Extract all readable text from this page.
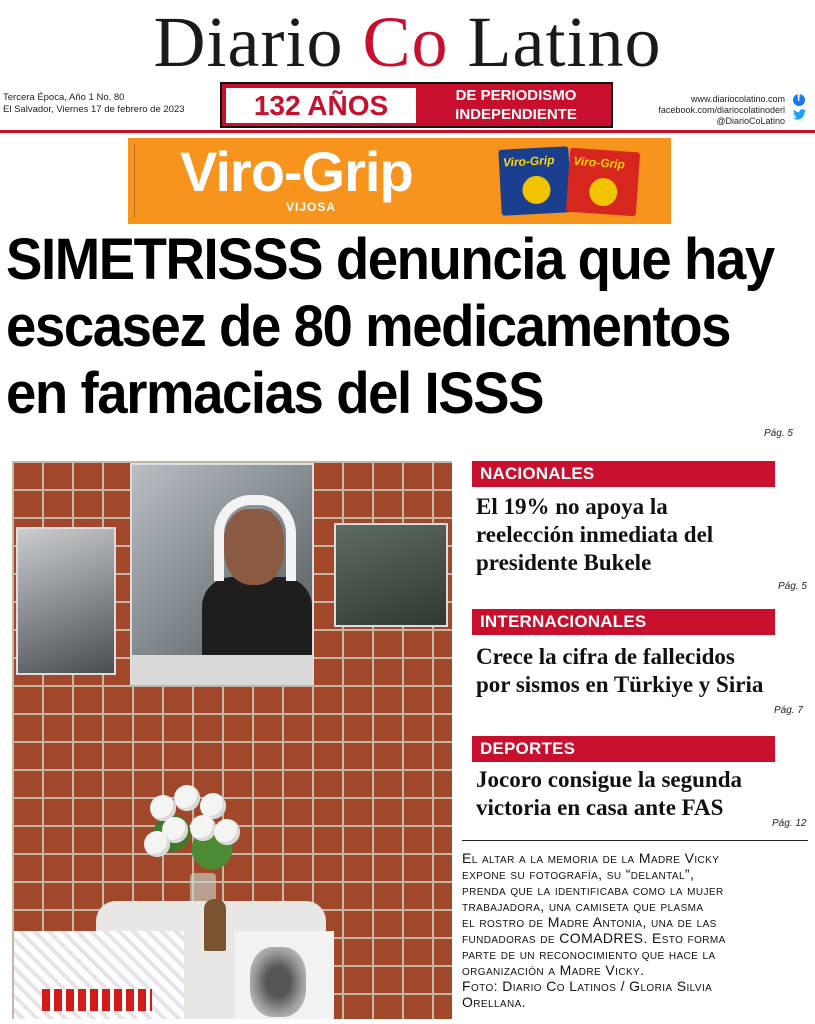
Diario Co Latino
Tercera Época, Año 1 No. 80
El Salvador, Viernes 17 de febrero de 2023	132 AÑOS	DE PERIODISMO
INDEPENDIENTE
www.diariocolatino.com
facebook.com/diariocolatinoderl
@DiarioCoLatino
f
Viro-Grip
VIJOSA
Viro-Grip Viro-Grip
SIMETRISSS denuncia que hay
escasez de 80 medicamentos
en farmacias del ISSS
Pág. 5
NACIONALES
El 19% no apoya la
reelección inmediata del
presidente Bukele
Pág. 5
INTERNACIONALES
Crece la cifra de fallecidos
por sismos en Türkiye y Siria
Pág. 7
DEPORTES
Jocoro consigue la segunda
victoria en casa ante FAS
Pág. 12
El altar a la memoria de la Madre Vicky
expone su fotografía, su “delantal”,
prenda que la identificaba como la mujer
trabajadora, una camiseta que plasma
el rostro de Madre Antonia, una de las
fundadoras de COMADRES. Esto forma
parte de un reconocimiento que hace la
organización a Madre Vicky.
Foto: Diario Co Latinos / Gloria Silvia
Orellana.
